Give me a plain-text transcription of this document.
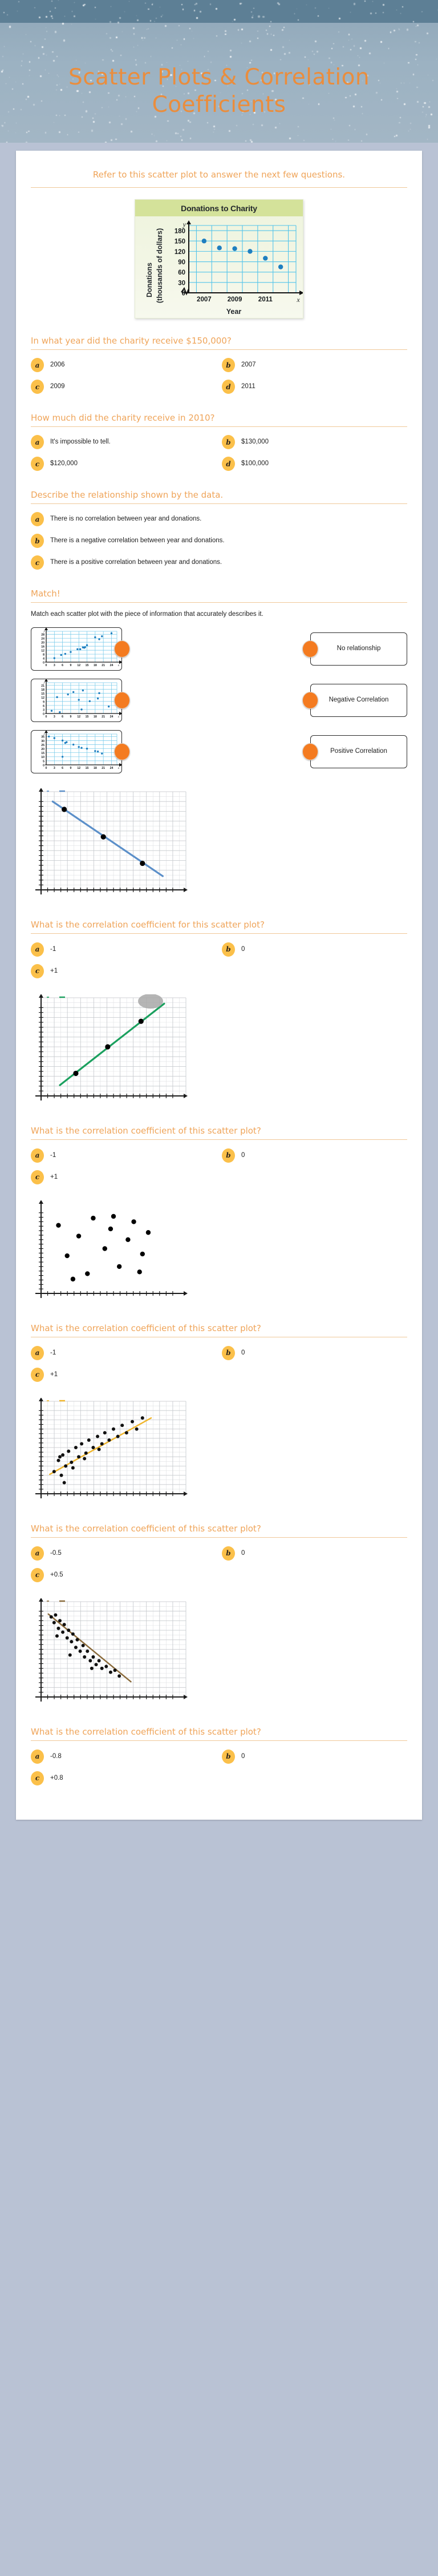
Scatter Plots & Correlation
Coefficients
Refer to this scatter plot to answer the next few questions.
Donations to Charity
Donations (thousands of dollars)	0
30
60
90
120
150
180
y
2007 2009 2011	x
Year
In what year did the charity receive $150,000?
a	2006	b	2007
c	2009	d	2011
How much did the charity receive in 2010?
a	It's impossible to tell.	b	$130,000
c	$120,000	d	$100,000
Describe the relationship shown by the data.
a	There is no correlation between year and donations.
b	There is a negative correlation between year and donations.
c	There is a positive correlation between year and donations.
Match!
Match each scatter plot with the piece of information that accurately describes it.
0
4
8
12
16
20
24
28
0 3 6 9 12 15 18 21 24
y
x
No relationship
0
3
6
9
12
15
18
21
0 3 6 9 12 15 18 21 24
y
x
Negative Correlation
0
5
10
15
20
25
30
35
0 3 6 9 12 15 18 21 24
y
x
Positive Correlation
What is the correlation coefficient for this scatter plot?
a	-1	b	0
c	+1
What is the correlation coefficient of this scatter plot?
a	-1	b	0
c	+1
What is the correlation coefficient of this scatter plot?
a	-1	b	0
c	+1
What is the correlation coefficient of this scatter plot?
a	-0.5	b	0
c	+0.5
What is the correlation coefficient of this scatter plot?
a	-0.8	b	0
c	+0.8
